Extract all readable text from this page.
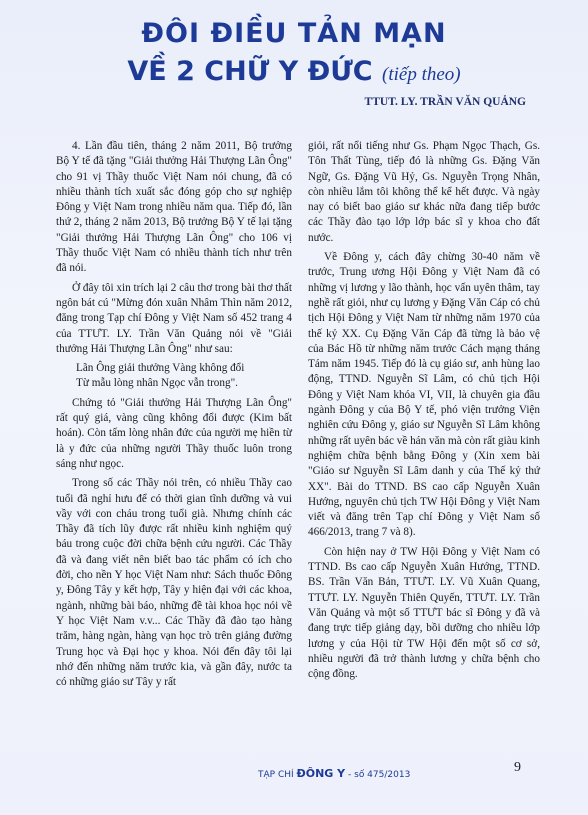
ĐÔI ĐIỀU TẢN MẠN
VỀ 2 CHỮ Y ĐỨC (tiếp theo)
TTUT. LY. TRẦN VĂN QUẢNG

4. Lần đầu tiên, tháng 2 năm 2011, Bộ trưởng Bộ Y tế đã tặng "Giải thưởng Hải Thượng Lãn Ông" cho 91 vị Thầy thuốc Việt Nam nói chung, đã có nhiều thành tích xuất sắc đóng góp cho sự nghiệp Đông y Việt Nam trong nhiều năm qua. Tiếp đó, lần thứ 2, tháng 2 năm 2013, Bộ trưởng Bộ Y tế lại tặng "Giải thưởng Hải Thượng Lãn Ông" cho 106 vị Thầy thuốc Việt Nam có nhiều thành tích như trên đã nói.

Ở đây tôi xin trích lại 2 câu thơ trong bài thơ thất ngôn bát cú "Mừng đón xuân Nhâm Thìn năm 2012, đăng trong Tạp chí Đông y Việt Nam số 452 trang 4 của TTƯT. LY. Trần Văn Quảng nói về "Giải thưởng Hải Thượng Lãn Ông" như sau:

Lãn Ông giải thưởng Vàng không đổi

Từ mẫu lòng nhân Ngọc vẫn trong".

Chứng tỏ "Giải thưởng Hải Thượng Lãn Ông" rất quý giá, vàng cũng không đổi được (Kim bất hoán). Còn tấm lòng nhân đức của người mẹ hiền từ là y đức của những người Thầy thuốc luôn trong sáng như ngọc.

Trong số các Thầy nói trên, có nhiều Thầy cao tuổi đã nghỉ hưu để có thời gian tĩnh dưỡng và vui vầy với con cháu trong tuổi già. Nhưng chính các Thầy đã tích lũy được rất nhiều kinh nghiệm quý báu trong cuộc đời chữa bệnh cứu người. Các Thầy đã và đang viết nên biết bao tác phẩm có ích cho đời, cho nền Y học Việt Nam như: Sách thuốc Đông y, Đông Tây y kết hợp, Tây y hiện đại với các khoa, ngành, những bài báo, những đề tài khoa học nói về Y học Việt Nam v.v... Các Thầy đã đào tạo hàng trăm, hàng ngàn, hàng vạn học trò trên giảng đường Trung học và Đại học y khoa. Nói đến đây tôi lại nhớ đến những năm trước kia, và gần đây, nước ta có những giáo sư Tây y rất

giỏi, rất nổi tiếng như Gs. Phạm Ngọc Thạch, Gs. Tôn Thất Tùng, tiếp đó là những Gs. Đặng Văn Ngữ, Gs. Đặng Vũ Hỷ, Gs. Nguyễn Trọng Nhân, còn nhiều lắm tôi không thể kể hết được. Và ngày nay có biết bao giáo sư khác nữa đang tiếp bước các Thầy đào tạo lớp lớp bác sĩ y khoa cho đất nước.

Về Đông y, cách đây chừng 30-40 năm về trước, Trung ương Hội Đông y Việt Nam đã có những vị lương y lão thành, học vấn uyên thâm, tay nghề rất giỏi, như cụ lương y Đặng Văn Cáp có chủ tịch Hội Đông y Việt Nam từ những năm 1970 của thế kỷ XX. Cụ Đặng Văn Cáp đã từng là bảo vệ của Bác Hồ từ những năm trước Cách mạng tháng Tám năm 1945. Tiếp đó là cụ giáo sư, anh hùng lao động, TTND. Nguyễn Sĩ Lâm, có chủ tịch Hội Đông y Việt Nam khóa VI, VII, là chuyên gia đầu ngành Đông y của Bộ Y tế, phó viện trưởng Viện nghiên cứu Đông y, giáo sư Nguyễn Sĩ Lâm không những rất uyên bác về hán văn mà còn rất giàu kinh nghiệm chữa bệnh bằng Đông y (Xin xem bài "Giáo sư Nguyễn Sĩ Lâm danh y của Thế kỷ thứ XX". Bài do TTND. BS cao cấp Nguyễn Xuân Hướng, nguyên chủ tịch TW Hội Đông y Việt Nam viết và đăng trên Tạp chí Đông y Việt Nam số 466/2013, trang 7 và 8).

Còn hiện nay ở TW Hội Đông y Việt Nam có TTND. Bs cao cấp Nguyễn Xuân Hướng, TTND. BS. Trần Văn Bản, TTƯT. LY. Vũ Xuân Quang, TTƯT. LY. Nguyễn Thiên Quyến, TTƯT. LY. Trần Văn Quảng và một số TTƯT bác sĩ Đông y đã và đang trực tiếp giảng dạy, bồi dưỡng cho nhiều lớp lương y của Hội từ TW Hội đến một số cơ sở, nhiều người đã trở thành lương y chữa bệnh cho cộng đồng.

TẠP CHÍ ĐÔNG Y - số 475/2013	9
